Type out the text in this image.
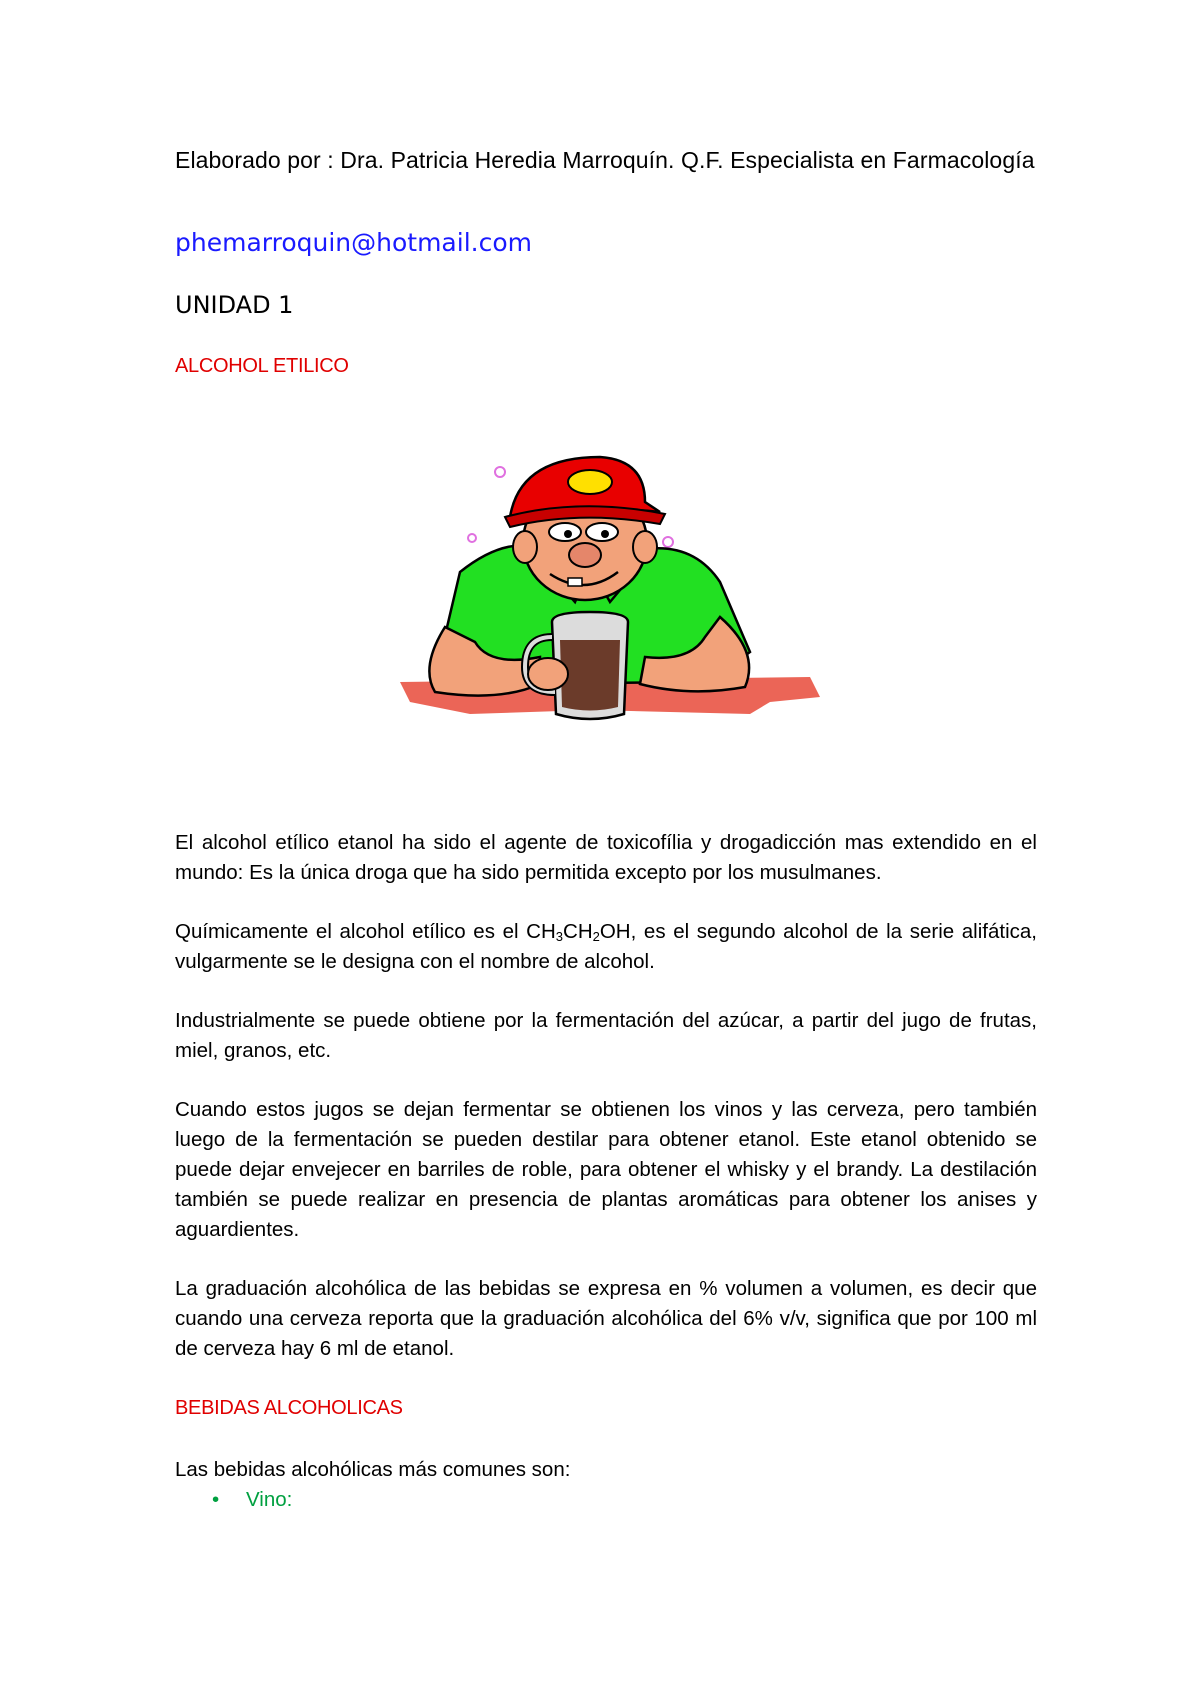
Elaborado por : Dra. Patricia Heredia Marroquín. Q.F. Especialista en Farmacología
phemarroquin@hotmail.com
UNIDAD 1
ALCOHOL ETILICO

El alcohol etílico etanol ha sido el agente de toxicofília y drogadicción mas extendido en el mundo: Es la única droga que ha sido permitida excepto por los musulmanes.

Químicamente el alcohol etílico es el $CH_3CH_2OH$, es el segundo alcohol de la serie alifática, vulgarmente se le designa con el nombre de alcohol.

Industrialmente se puede obtiene por la fermentación del azúcar, a partir del jugo de frutas, miel, granos, etc.

Cuando estos jugos se dejan fermentar se obtienen los vinos y las cerveza, pero también luego de la fermentación se pueden destilar para obtener etanol. Este etanol obtenido se puede dejar envejecer en barriles de roble, para obtener el whisky y el brandy. La destilación también se puede realizar en presencia de plantas aromáticas para obtener los anises y aguardientes.

La graduación alcohólica de las bebidas se expresa en % volumen a volumen, es decir que cuando una cerveza reporta que la graduación alcohólica del 6% v/v, significa que por 100 ml de cerveza hay 6 ml de etanol.

BEBIDAS ALCOHOLICAS

Las bebidas alcohólicas más comunes son:

• Vino:
